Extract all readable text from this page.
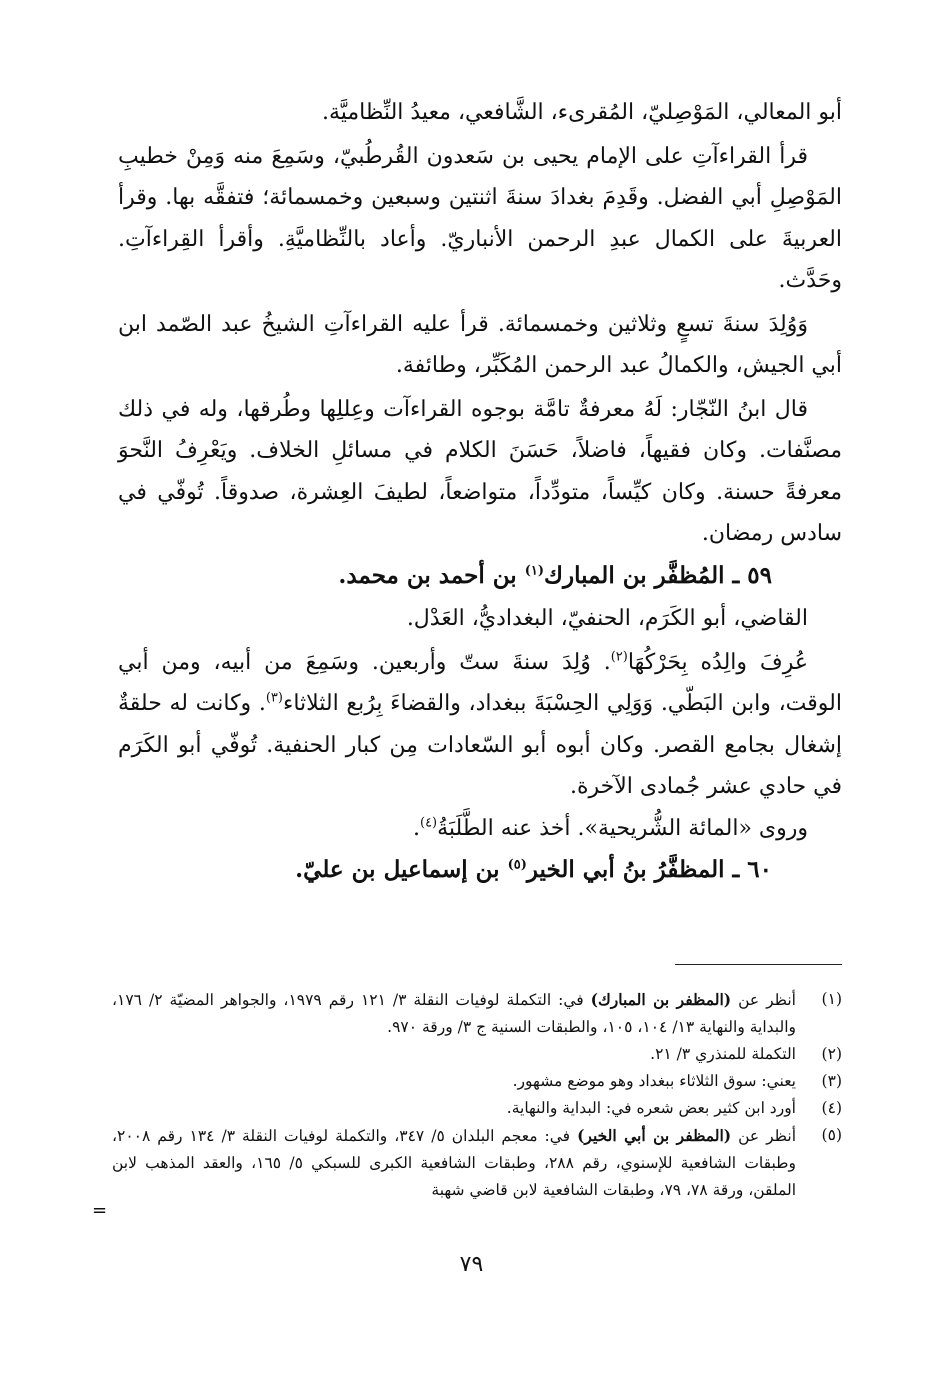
أبو المعالي، المَوْصِليّ، المُقرىء، الشَّافعي، معيدُ النِّظاميَّة.

قرأ القراءآتِ على الإمام يحيى بن سَعدون القُرطُبيّ، وسَمِعَ منه وَمِنْ خطيبِ المَوْصِلِ أبي الفضل. وقَدِمَ بغدادَ سنةَ اثنتين وسبعين وخمسمائة؛ فتفقَّه بها. وقرأ العربيةَ على الكمال عبدِ الرحمن الأنباريّ. وأعاد بالنِّظاميَّةِ. وأقرأ القِراءآتِ. وحَدَّث.

وَوُلِدَ سنةَ تسعٍ وثلاثين وخمسمائة. قرأ عليه القراءآتِ الشيخُ عبد الصّمد ابن أبي الجيش، والكمالُ عبد الرحمن المُكَبِّر، وطائفة.

قال ابنُ النّجّار: لَهُ معرفةٌ تامَّة بوجوه القراءآت وعِللِها وطُرقها، وله في ذلك مصنَّفات. وكان فقيهاً، فاضلاً، حَسَنَ الكلام في مسائلِ الخلاف. ويَعْرِفُ النَّحوَ معرفةً حسنة. وكان كيِّساً، متودِّداً، متواضعاً، لطيفَ العِشرة، صدوقاً. تُوفّي في سادس رمضان.

٥٩ ـ المُظفَّر بن المبارك$^{(١)}$ بن أحمد بن محمد.

القاضي، أبو الكَرَم، الحنفيّ، البغداديُّ، العَدْل.

عُرِفَ والِدُه بِحَرْكُهَا$^{(٢)}$. وُلِدَ سنةَ ستّ وأربعين. وسَمِعَ من أبيه، ومن أبي الوقت، وابن البَطّي. وَوَلِي الحِسْبَةَ ببغداد، والقضاءَ بِرُبع الثلاثاء$^{(٣)}$. وكانت له حلقةٌ إشغال بجامع القصر. وكان أبوه أبو السّعادات مِن كبار الحنفية. تُوفّي أبو الكَرَم في حادي عشر جُمادى الآخرة.

وروى «المائة الشُّريحية». أخذ عنه الطَّلَبَةُ$^{(٤)}$.

٦٠ ـ المظفَّرُ بنُ أبي الخير$^{(٥)}$ بن إسماعيل بن عليّ.

(١)
أنظر عن (المظفر بن المبارك) في: التكملة لوفيات النقلة ٣/ ١٢١ رقم ١٩٧٩، والجواهر المضيّة ٢/ ١٧٦، والبداية والنهاية ١٣/ ١٠٤، ١٠٥، والطبقات السنية ج ٣/ ورقة ٩٧٠.
(٢)
التكملة للمنذري ٣/ ٢١.
(٣)
يعني: سوق الثلاثاء ببغداد وهو موضع مشهور.
(٤)
أورد ابن كثير بعض شعره في: البداية والنهاية.
(٥)
أنظر عن (المظفر بن أبي الخير) في: معجم البلدان ٥/ ٣٤٧، والتكملة لوفيات النقلة ٣/ ١٣٤ رقم ٢٠٠٨، وطبقات الشافعية للإسنوي، رقم ٢٨٨، وطبقات الشافعية الكبرى للسبكي ٥/ ١٦٥، والعقد المذهب لابن الملقن، ورقة ٧٨، ٧٩، وطبقات الشافعية لابن قاضي شهبة
=
٧٩
